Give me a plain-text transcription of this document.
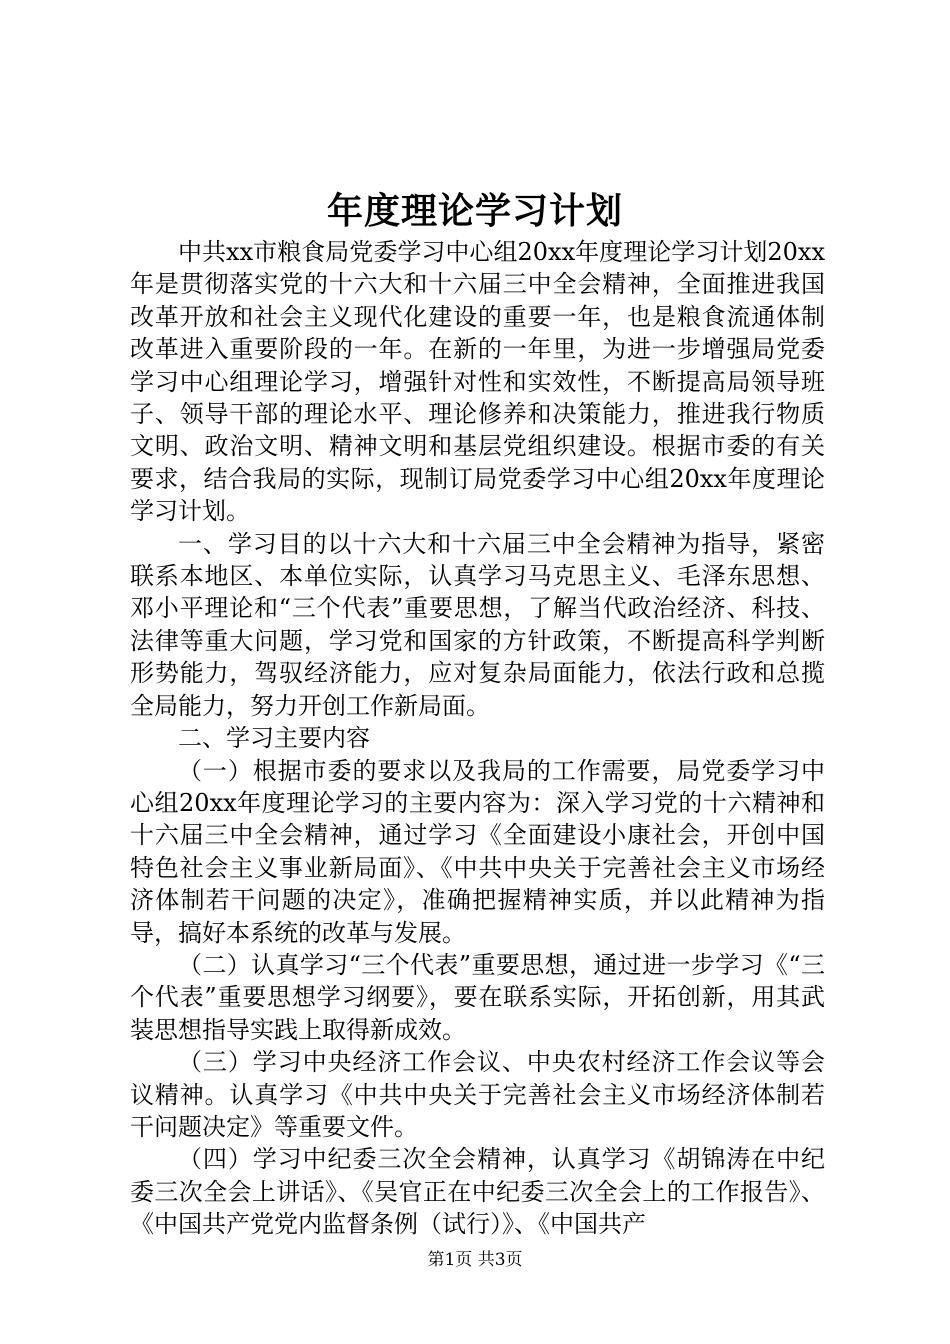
年度理论学习计划

中共xx市粮食局党委学习中心组20xx年度理论学习计划20xx年是贯彻落实党的十六大和十六届三中全会精神，全面推进我国改革开放和社会主义现代化建设的重要一年，也是粮食流通体制改革进入重要阶段的一年。在新的一年里，为进一步增强局党委学习中心组理论学习，增强针对性和实效性，不断提高局领导班子、领导干部的理论水平、理论修养和决策能力，推进我行物质文明、政治文明、精神文明和基层党组织建设。根据市委的有关要求，结合我局的实际，现制订局党委学习中心组20xx年度理论学习计划。

一、学习目的以十六大和十六届三中全会精神为指导，紧密联系本地区、本单位实际，认真学习马克思主义、毛泽东思想、邓小平理论和“三个代表”重要思想，了解当代政治经济、科技、法律等重大问题，学习党和国家的方针政策，不断提高科学判断形势能力，驾驭经济能力，应对复杂局面能力，依法行政和总揽全局能力，努力开创工作新局面。

二、学习主要内容

（一）根据市委的要求以及我局的工作需要，局党委学习中心组20xx年度理论学习的主要内容为：深入学习党的十六精神和十六届三中全会精神，通过学习《全面建设小康社会，开创中国特色社会主义事业新局面》、《中共中央关于完善社会主义市场经济体制若干问题的决定》，准确把握精神实质，并以此精神为指导，搞好本系统的改革与发展。

（二）认真学习“三个代表”重要思想，通过进一步学习《“三个代表”重要思想学习纲要》，要在联系实际，开拓创新，用其武装思想指导实践上取得新成效。

（三）学习中央经济工作会议、中央农村经济工作会议等会议精神。认真学习《中共中央关于完善社会主义市场经济体制若干问题决定》等重要文件。

（四）学习中纪委三次全会精神，认真学习《胡锦涛在中纪委三次全会上讲话》、《吴官正在中纪委三次全会上的工作报告》、《中国共产党党内监督条例（试行）》、《中国共产

第1页 共3页
